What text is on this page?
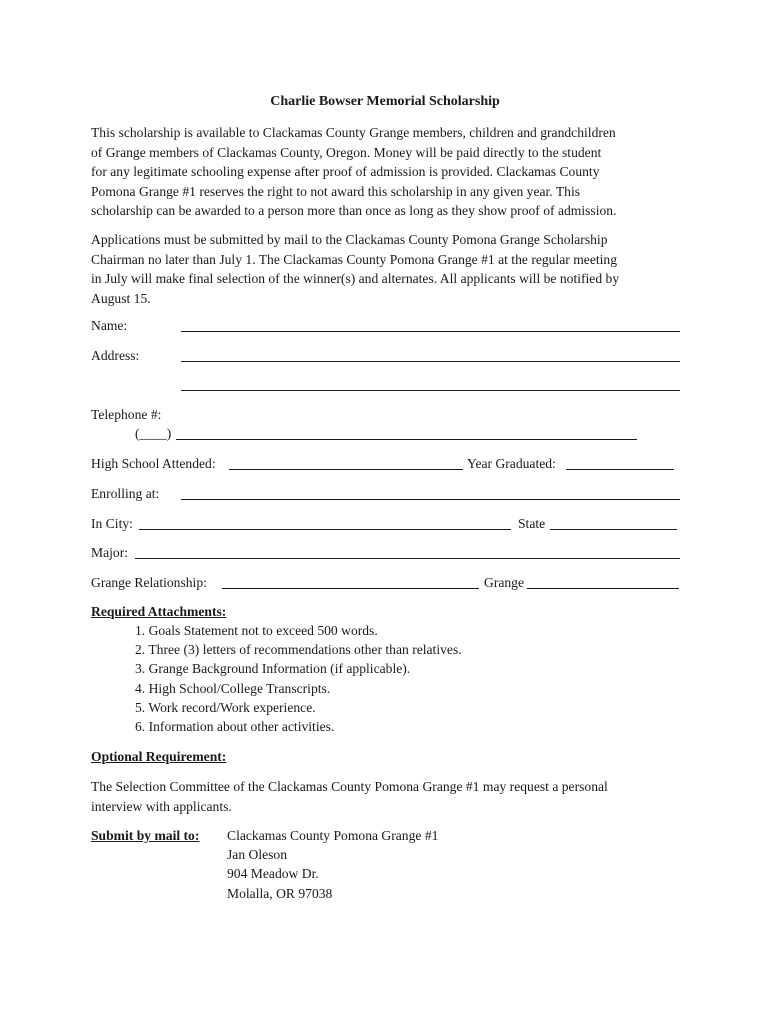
Charlie Bowser Memorial Scholarship
This scholarship is available to Clackamas County Grange members, children and grandchildren
of Grange members of Clackamas County, Oregon. Money will be paid directly to the student
for any legitimate schooling expense after proof of admission is provided. Clackamas County
Pomona Grange #1 reserves the right to not award this scholarship in any given year. This
scholarship can be awarded to a person more than once as long as they show proof of admission.
Applications must be submitted by mail to the Clackamas County Pomona Grange Scholarship
Chairman no later than July 1. The Clackamas County Pomona Grange #1 at the regular meeting
in July will make final selection of the winner(s) and alternates. All applicants will be notified by
August 15.
Name:
Address:
Telephone #:
(____)
High School Attended:	Year Graduated:
Enrolling at:
In City:	State
Major:
Grange Relationship:	Grange
Required Attachments:
1. Goals Statement not to exceed 500 words.
2. Three (3) letters of recommendations other than relatives.
3. Grange Background Information (if applicable).
4. High School/College Transcripts.
5. Work record/Work experience.
6. Information about other activities.
Optional Requirement:
The Selection Committee of the Clackamas County Pomona Grange #1 may request a personal
interview with applicants.
Submit by mail to: Clackamas County Pomona Grange #1
Jan Oleson
904 Meadow Dr.
Molalla, OR 97038
